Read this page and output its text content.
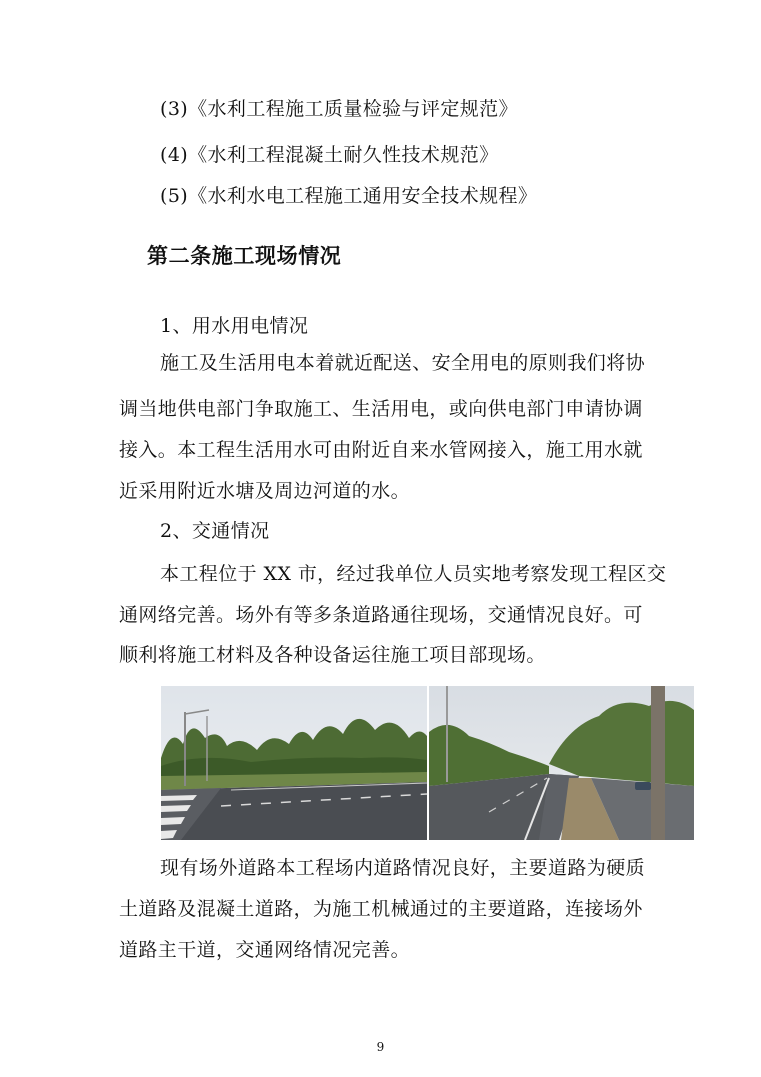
(3)《水利工程施工质量检验与评定规范》
(4)《水利工程混凝土耐久性技术规范》
(5)《水利水电工程施工通用安全技术规程》
第二条施工现场情况
1、用水用电情况
施工及生活用电本着就近配送、安全用电的原则我们将协
调当地供电部门争取施工、生活用电，或向供电部门申请协调
接入。本工程生活用水可由附近自来水管网接入，施工用水就
近采用附近水塘及周边河道的水。
2、交通情况
本工程位于 XX 市，经过我单位人员实地考察发现工程区交
通网络完善。场外有等多条道路通往现场，交通情况良好。可
顺利将施工材料及各种设备运往施工项目部现场。
现有场外道路本工程场内道路情况良好，主要道路为硬质
土道路及混凝土道路，为施工机械通过的主要道路，连接场外
道路主干道，交通网络情况完善。
9
